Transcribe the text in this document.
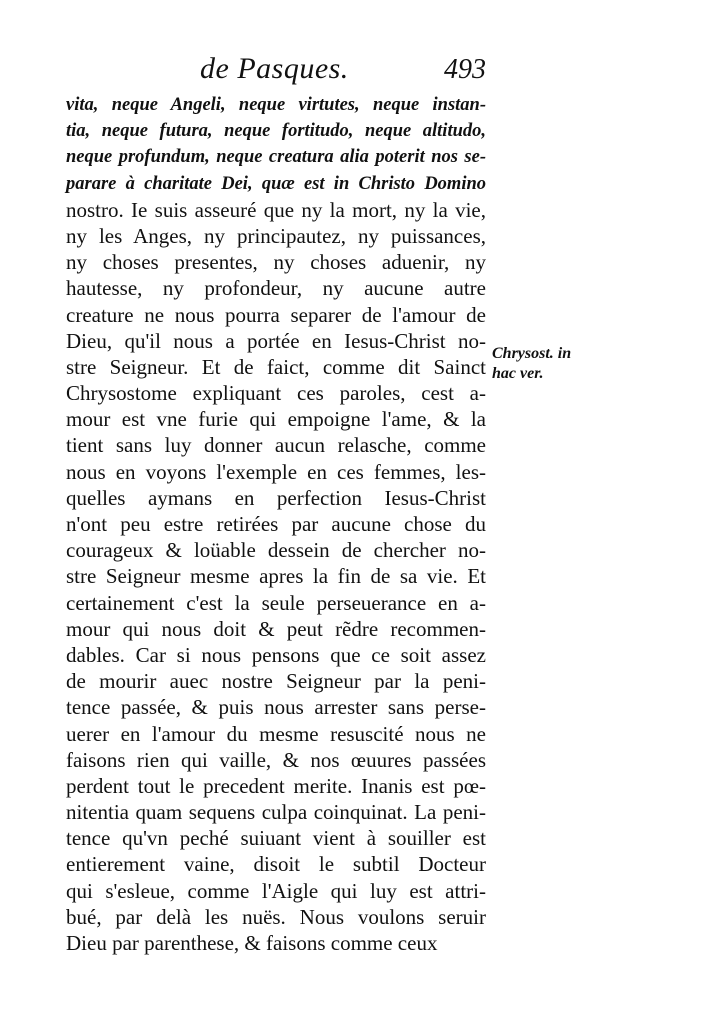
de Pasques.	493
vita, neque Angeli, neque virtutes, neque instan-
tia, neque futura, neque fortitudo, neque altitudo,
neque profundum, neque creatura alia poterit nos se-
parare à charitate Dei, quæ est in Christo Domino
nostro. Ie suis asseuré que ny la mort, ny la vie,
ny les Anges, ny principautez, ny puissances,
ny choses presentes, ny choses aduenir, ny
hautesse, ny profondeur, ny aucune autre
creature ne nous pourra separer de l'amour de
Dieu, qu'il nous a portée en Iesus-Christ no-
stre Seigneur. Et de faict, comme dit Sainct
Chrysostome expliquant ces paroles, cest a-
mour est vne furie qui empoigne l'ame, & la
tient sans luy donner aucun relasche, comme
nous en voyons l'exemple en ces femmes, les-
quelles aymans en perfection Iesus-Christ
n'ont peu estre retirées par aucune chose du
courageux & loüable dessein de chercher no-
stre Seigneur mesme apres la fin de sa vie. Et
certainement c'est la seule perseuerance en a-
mour qui nous doit & peut rẽdre recommen-
dables. Car si nous pensons que ce soit assez
de mourir auec nostre Seigneur par la peni-
tence passée, & puis nous arrester sans perse-
uerer en l'amour du mesme resuscité nous ne
faisons rien qui vaille, & nos œuures passées
perdent tout le precedent merite. Inanis est pœ-
nitentia quam sequens culpa coinquinat. La peni-
tence qu'vn peché suiuant vient à souiller est
entierement vaine, disoit le subtil Docteur
qui s'esleue, comme l'Aigle qui luy est attri-
bué, par delà les nuës. Nous voulons seruir
Dieu par parenthese, & faisons comme ceux
Chrysost. in
hac ver.
